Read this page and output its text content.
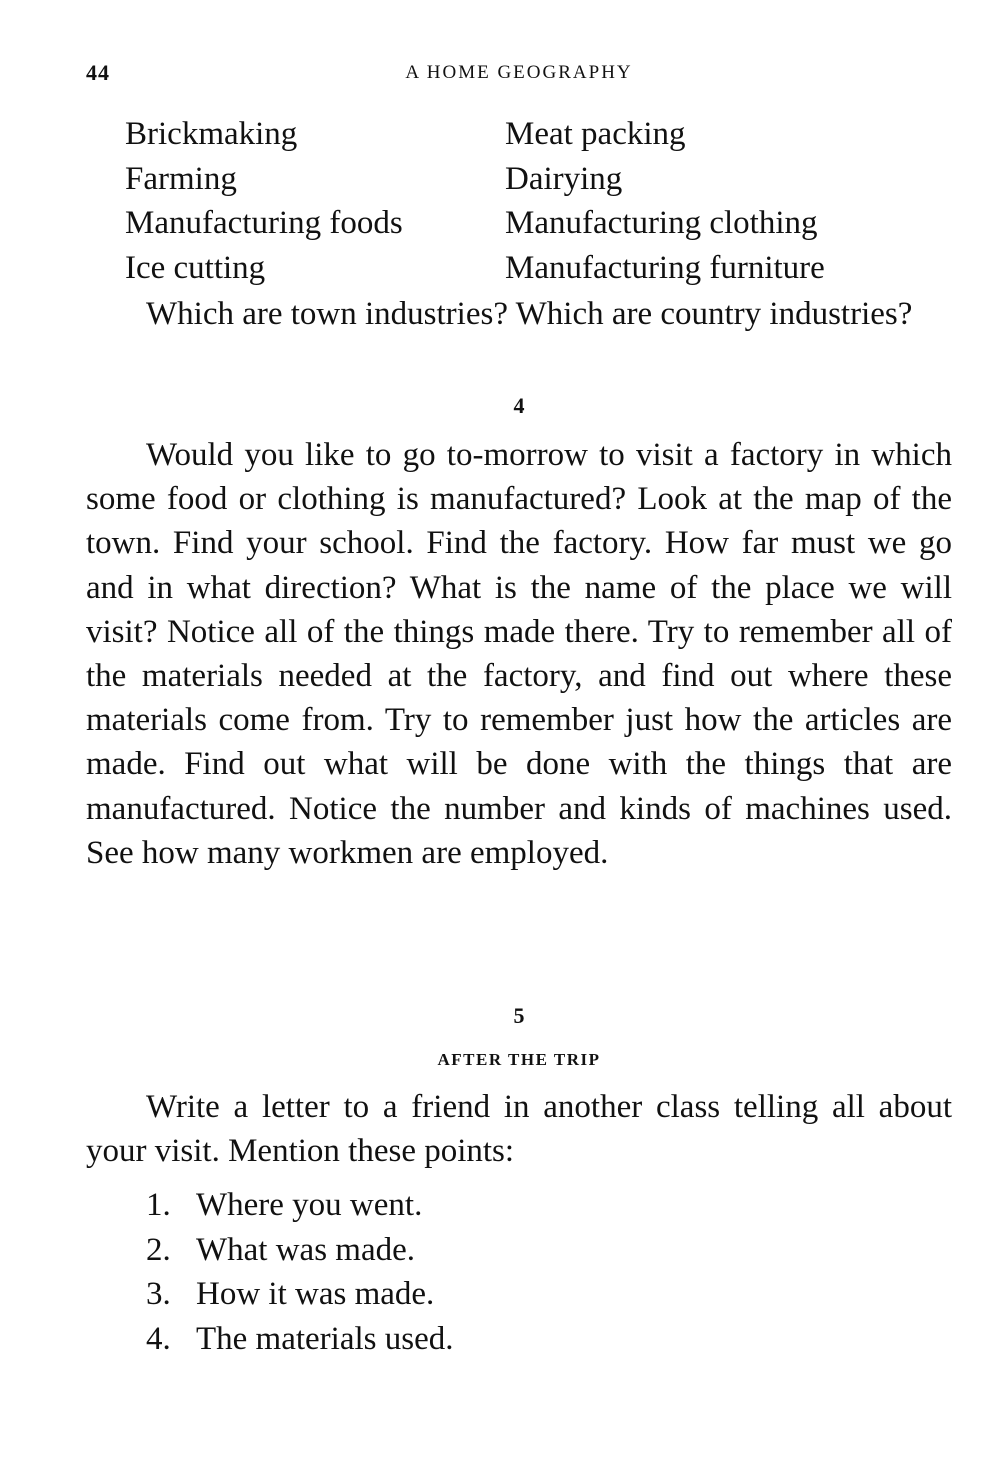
44	A HOME GEOGRAPHY
Brickmaking	Meat packing
Farming	Dairying
Manufacturing foods	Manufacturing clothing
Ice cutting	Manufacturing furniture

Which are town industries? Which are country industries?

4

Would you like to go to-morrow to visit a factory in which some food or clothing is manufactured? Look at the map of the town. Find your school. Find the factory. How far must we go and in what direction? What is the name of the place we will visit? Notice all of the things made there. Try to remember all of the materials needed at the factory, and find out where these materials come from. Try to remember just how the articles are made. Find out what will be done with the things that are manufactured. Notice the number and kinds of machines used. See how many workmen are employed.

5
AFTER THE TRIP

Write a letter to a friend in another class telling all about your visit. Mention these points:

1. Where you went.
2. What was made.
3. How it was made.
4. The materials used.
